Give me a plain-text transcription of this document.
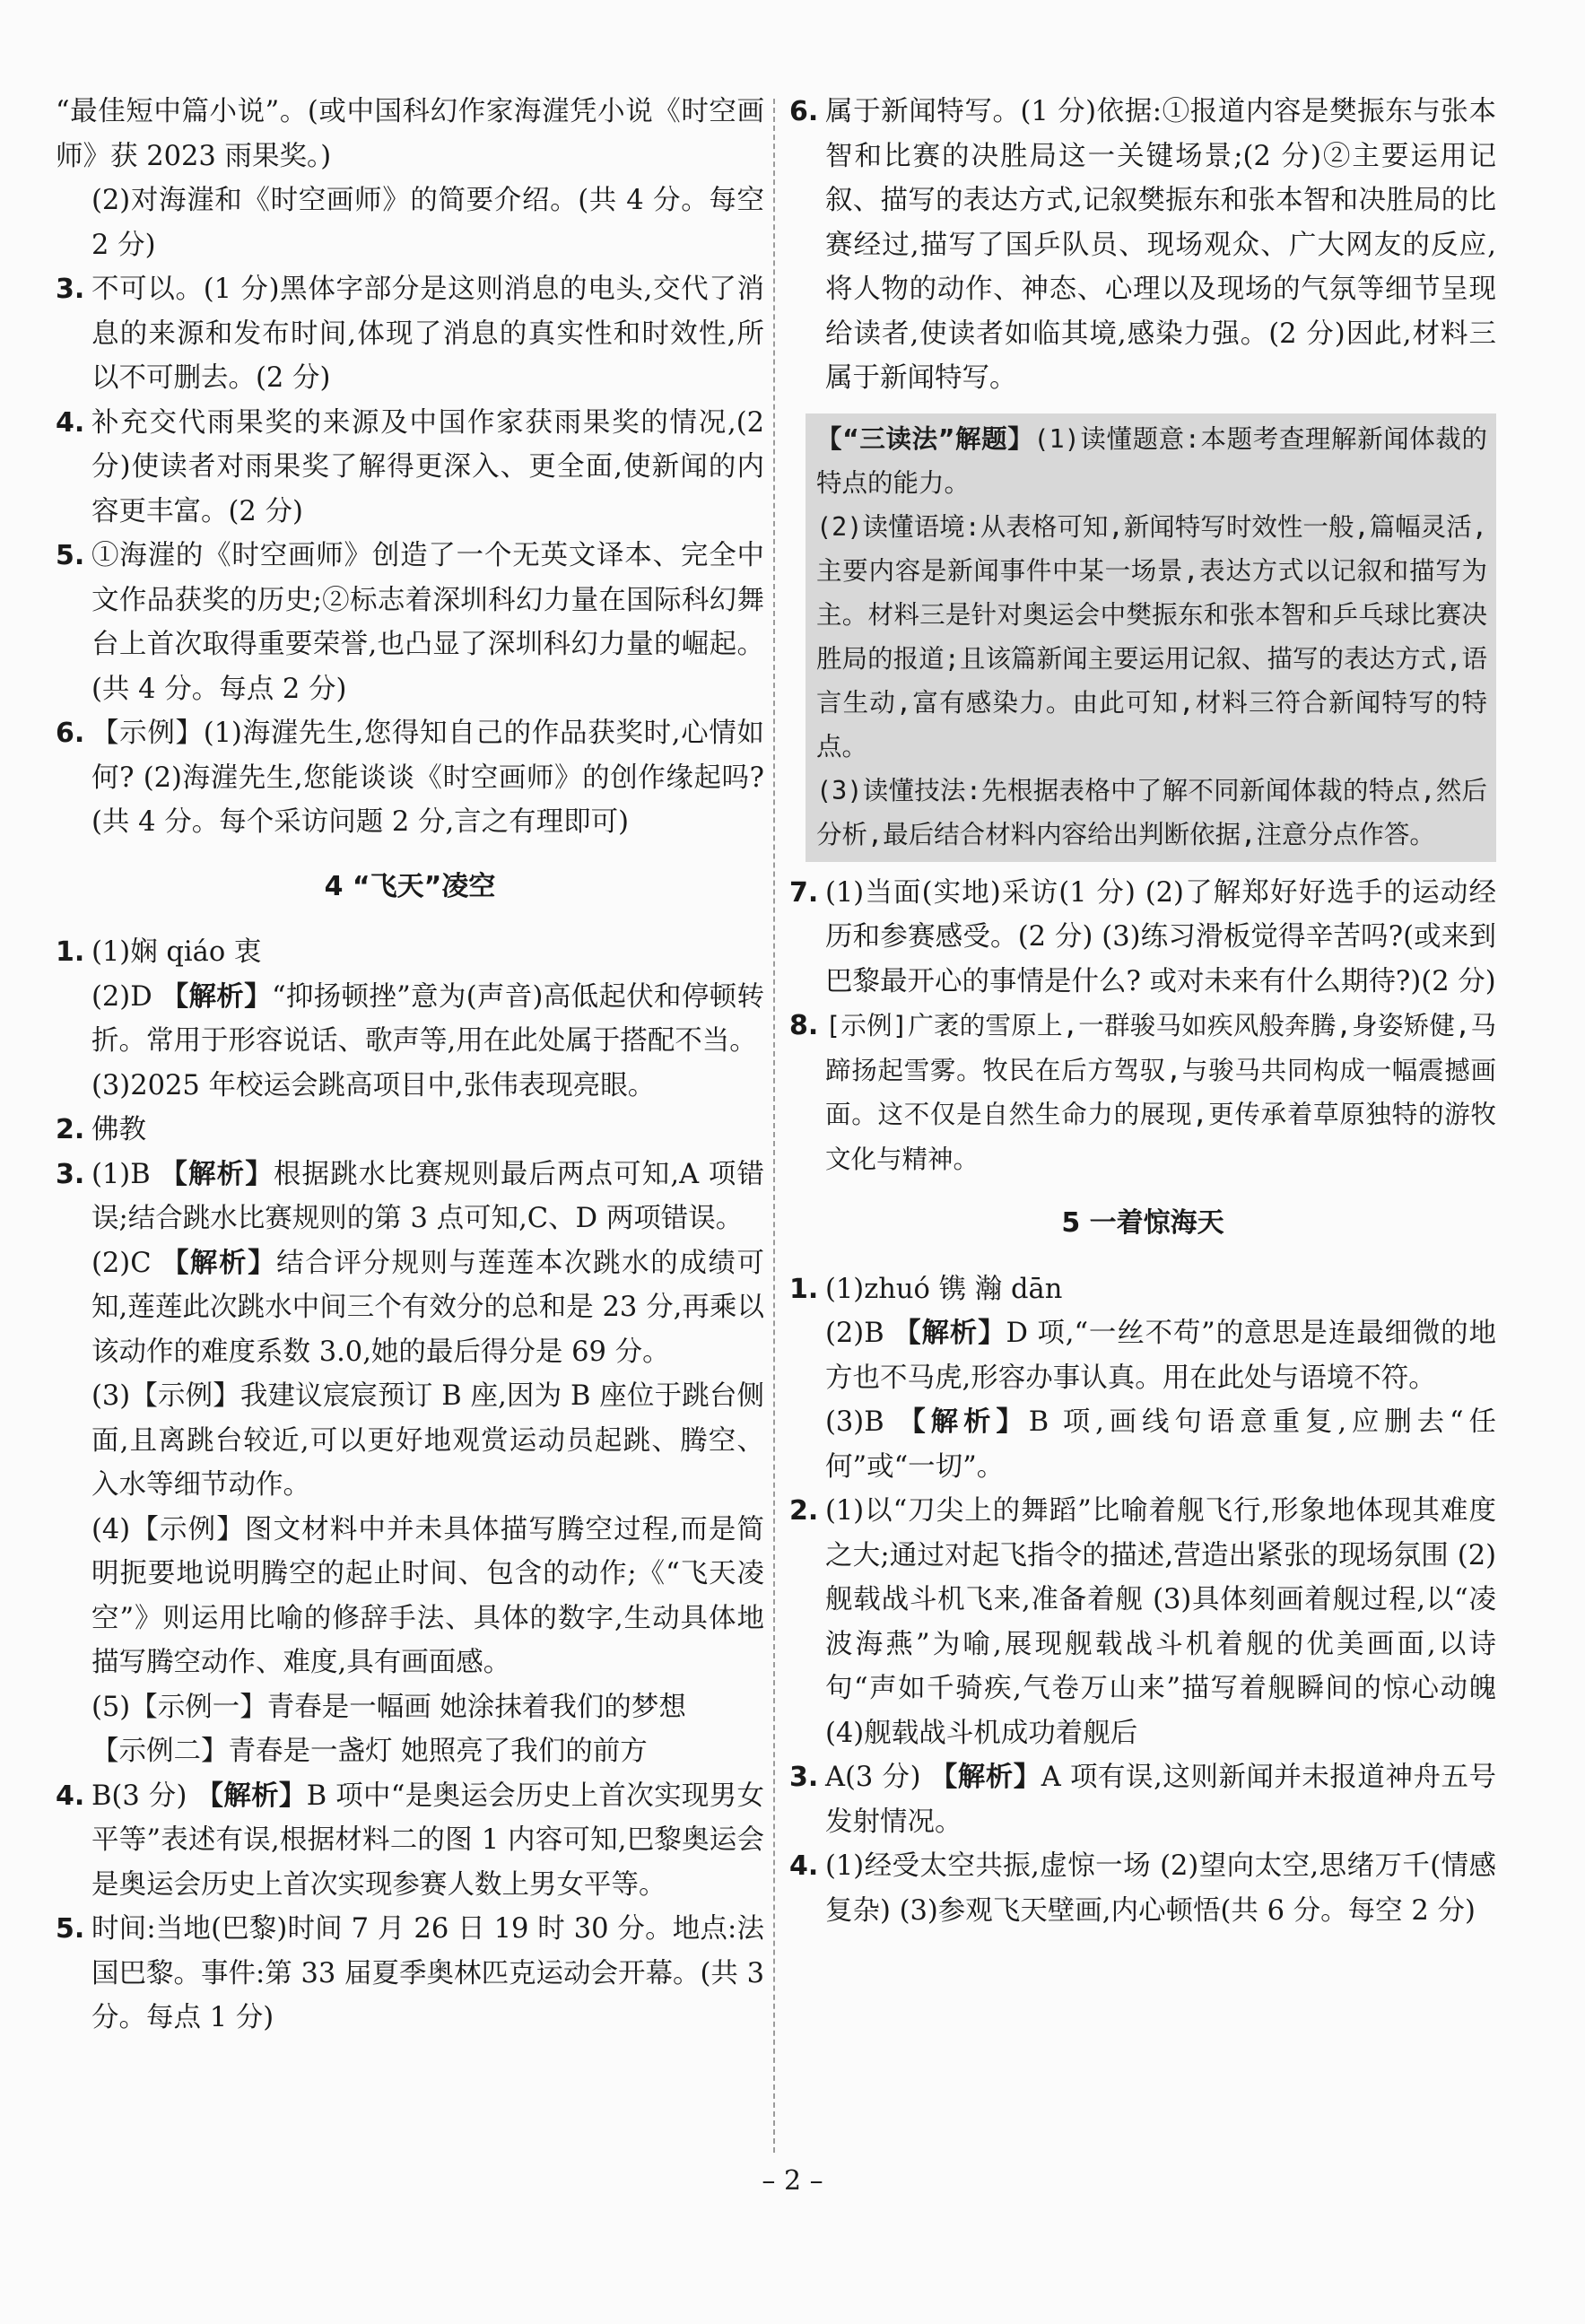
“最佳短中篇小说”。(或中国科幻作家海漄凭小说《时空画师》获 2023 雨果奖。)
(2)对海漄和《时空画师》的简要介绍。(共 4 分。每空 2 分)
3. 不可以。(1 分)黑体字部分是这则消息的电头,交代了消息的来源和发布时间,体现了消息的真实性和时效性,所以不可删去。(2 分)
4. 补充交代雨果奖的来源及中国作家获雨果奖的情况,(2 分)使读者对雨果奖了解得更深入、更全面,使新闻的内容更丰富。(2 分)
5. ①海漄的《时空画师》创造了一个无英文译本、完全中文作品获奖的历史;②标志着深圳科幻力量在国际科幻舞台上首次取得重要荣誉,也凸显了深圳科幻力量的崛起。(共 4 分。每点 2 分)
6. 【示例】(1)海漄先生,您得知自己的作品获奖时,心情如何? (2)海漄先生,您能谈谈《时空画师》的创作缘起吗?(共 4 分。每个采访问题 2 分,言之有理即可)
4 “飞天”凌空
1. (1)娴 qiáo 衷
(2)D 【解析】“抑扬顿挫”意为(声音)高低起伏和停顿转折。常用于形容说话、歌声等,用在此处属于搭配不当。
(3)2025 年校运会跳高项目中,张伟表现亮眼。
2. 佛教
3. (1)B 【解析】根据跳水比赛规则最后两点可知,A 项错误;结合跳水比赛规则的第 3 点可知,C、D 两项错误。
(2)C 【解析】结合评分规则与莲莲本次跳水的成绩可知,莲莲此次跳水中间三个有效分的总和是 23 分,再乘以该动作的难度系数 3.0,她的最后得分是 69 分。
(3)【示例】我建议宸宸预订 B 座,因为 B 座位于跳台侧面,且离跳台较近,可以更好地观赏运动员起跳、腾空、入水等细节动作。
(4)【示例】图文材料中并未具体描写腾空过程,而是简明扼要地说明腾空的起止时间、包含的动作;《“飞天凌空”》则运用比喻的修辞手法、具体的数字,生动具体地描写腾空动作、难度,具有画面感。
(5)【示例一】青春是一幅画 她涂抹着我们的梦想
【示例二】青春是一盏灯 她照亮了我们的前方
4. B(3 分) 【解析】B 项中“是奥运会历史上首次实现男女平等”表述有误,根据材料二的图 1 内容可知,巴黎奥运会是奥运会历史上首次实现参赛人数上男女平等。
5. 时间:当地(巴黎)时间 7 月 26 日 19 时 30 分。地点:法国巴黎。事件:第 33 届夏季奥林匹克运动会开幕。(共 3 分。每点 1 分)
6. 属于新闻特写。(1 分)依据:①报道内容是樊振东与张本智和比赛的决胜局这一关键场景;(2 分)②主要运用记叙、描写的表达方式,记叙樊振东和张本智和决胜局的比赛经过,描写了国乒队员、现场观众、广大网友的反应,将人物的动作、神态、心理以及现场的气氛等细节呈现给读者,使读者如临其境,感染力强。(2 分)因此,材料三属于新闻特写。
【“三读法”解题】(1)读懂题意:本题考查理解新闻体裁的特点的能力。
(2)读懂语境:从表格可知,新闻特写时效性一般,篇幅灵活,主要内容是新闻事件中某一场景,表达方式以记叙和描写为主。材料三是针对奥运会中樊振东和张本智和乒乓球比赛决胜局的报道;且该篇新闻主要运用记叙、描写的表达方式,语言生动,富有感染力。由此可知,材料三符合新闻特写的特点。
(3)读懂技法:先根据表格中了解不同新闻体裁的特点,然后分析,最后结合材料内容给出判断依据,注意分点作答。
7. (1)当面(实地)采访(1 分) (2)了解郑好好选手的运动经历和参赛感受。(2 分) (3)练习滑板觉得辛苦吗?(或来到巴黎最开心的事情是什么? 或对未来有什么期待?)(2 分)
8. [示例]广袤的雪原上,一群骏马如疾风般奔腾,身姿矫健,马蹄扬起雪雾。牧民在后方驾驭,与骏马共同构成一幅震撼画面。这不仅是自然生命力的展现,更传承着草原独特的游牧文化与精神。
5 一着惊海天
1. (1)zhuó 镌 瀚 dān
(2)B 【解析】D 项,“一丝不苟”的意思是连最细微的地方也不马虎,形容办事认真。用在此处与语境不符。
(3)B 【解析】B 项,画线句语意重复,应删去“任何”或“一切”。
2. (1)以“刀尖上的舞蹈”比喻着舰飞行,形象地体现其难度之大;通过对起飞指令的描述,营造出紧张的现场氛围 (2)舰载战斗机飞来,准备着舰 (3)具体刻画着舰过程,以“凌波海燕”为喻,展现舰载战斗机着舰的优美画面,以诗句“声如千骑疾,气卷万山来”描写着舰瞬间的惊心动魄 (4)舰载战斗机成功着舰后
3. A(3 分) 【解析】A 项有误,这则新闻并未报道神舟五号发射情况。
4. (1)经受太空共振,虚惊一场 (2)望向太空,思绪万千(情感复杂) (3)参观飞天壁画,内心顿悟(共 6 分。每空 2 分)
– 2 –
